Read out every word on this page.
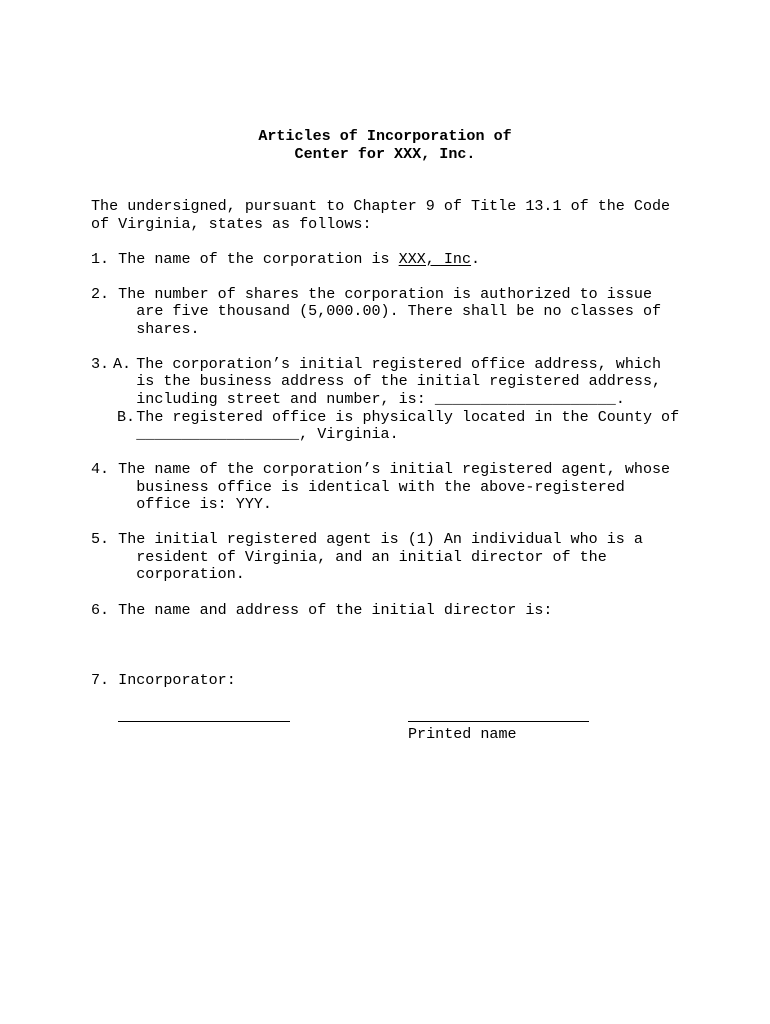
Articles of Incorporation of
Center for XXX, Inc.
The undersigned, pursuant to Chapter 9 of Title 13.1 of the Code
of Virginia, states as follows:
1. The name of the corporation is XXX, Inc.
2. The number of shares the corporation is authorized to issue
are five thousand (5,000.00). There shall be no classes of
shares.
3. A. The corporation’s initial registered office address, which
is the business address of the initial registered address,
including street and number, is: ____________________.
B. The registered office is physically located in the County of
__________________, Virginia.
4. The name of the corporation’s initial registered agent, whose
business office is identical with the above-registered
office is: YYY.
5. The initial registered agent is (1) An individual who is a
resident of Virginia, and an initial director of the
corporation.
6. The name and address of the initial director is:
7. Incorporator:
Printed name
